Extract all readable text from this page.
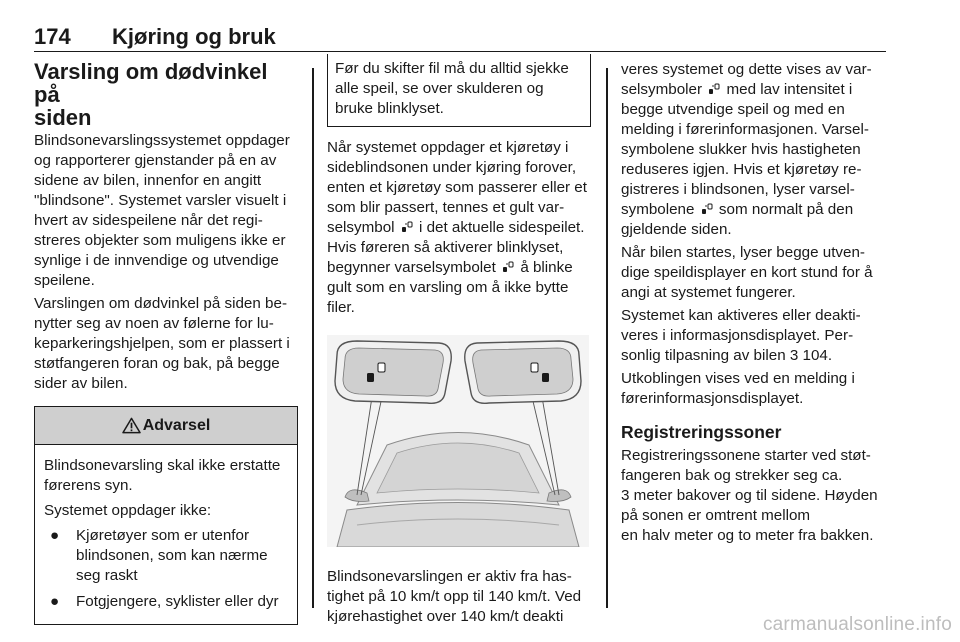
174 Kjøring og bruk
Varsling om dødvinkel på
siden

Blindsonevarslingssystemet oppdager og rapporterer gjenstander på en av sidene av bilen, innenfor en angitt "blindsone". Systemet varsler visuelt i hvert av sidespeilene når det registreres objekter som muligens ikke er synlige i de innvendige og utvendige speilene.

Varslingen om dødvinkel på siden benytter seg av noen av følerne for lukeparkeringshjelpen, som er plassert i støtfangeren foran og bak, på begge sider av bilen.

Advarsel

Blindsonevarsling skal ikke erstatte førerens syn.

Systemet oppdager ikke:

● Kjøretøyer som er utenfor blindsonen, som kan nærme seg raskt
● Fotgjengere, syklister eller dyr
Før du skifter fil må du alltid sjekke alle speil, se over skulderen og bruke blinklyset.

Når systemet oppdager et kjøretøy i sideblindsonen under kjøring forover, enten et kjøretøy som passerer eller et som blir passert, tennes et gult varselsymbol i det aktuelle sidespeilet. Hvis føreren så aktiverer blinklyset, begynner varselsymbolet å blinke gult som en varsling om å ikke bytte filer.

Blindsonevarslingen er aktiv fra hastighet på 10 km/t opp til 140 km/t. Ved kjørehastighet over 140 km/t deakti

veres systemet og dette vises av varselsymboler med lav intensitet i begge utvendige speil og med en melding i førerinformasjonen. Varselsymbolene slukker hvis hastigheten reduseres igjen. Hvis et kjøretøy registreres i blindsonen, lyser varselsymbolene som normalt på den gjeldende siden.

Når bilen startes, lyser begge utvendige speildisplayer en kort stund for å angi at systemet fungerer.

Systemet kan aktiveres eller deaktiveres i informasjonsdisplayet. Personlig tilpasning av bilen 3 104.

Utkoblingen vises ved en melding i førerinformasjonsdisplayet.

Registreringssoner

Registreringssonene starter ved støtfangeren bak og strekker seg ca.
3 meter bakover og til sidene. Høyden på sonen er omtrent mellom
en halv meter og to meter fra bakken.

carmanualsonline.info
